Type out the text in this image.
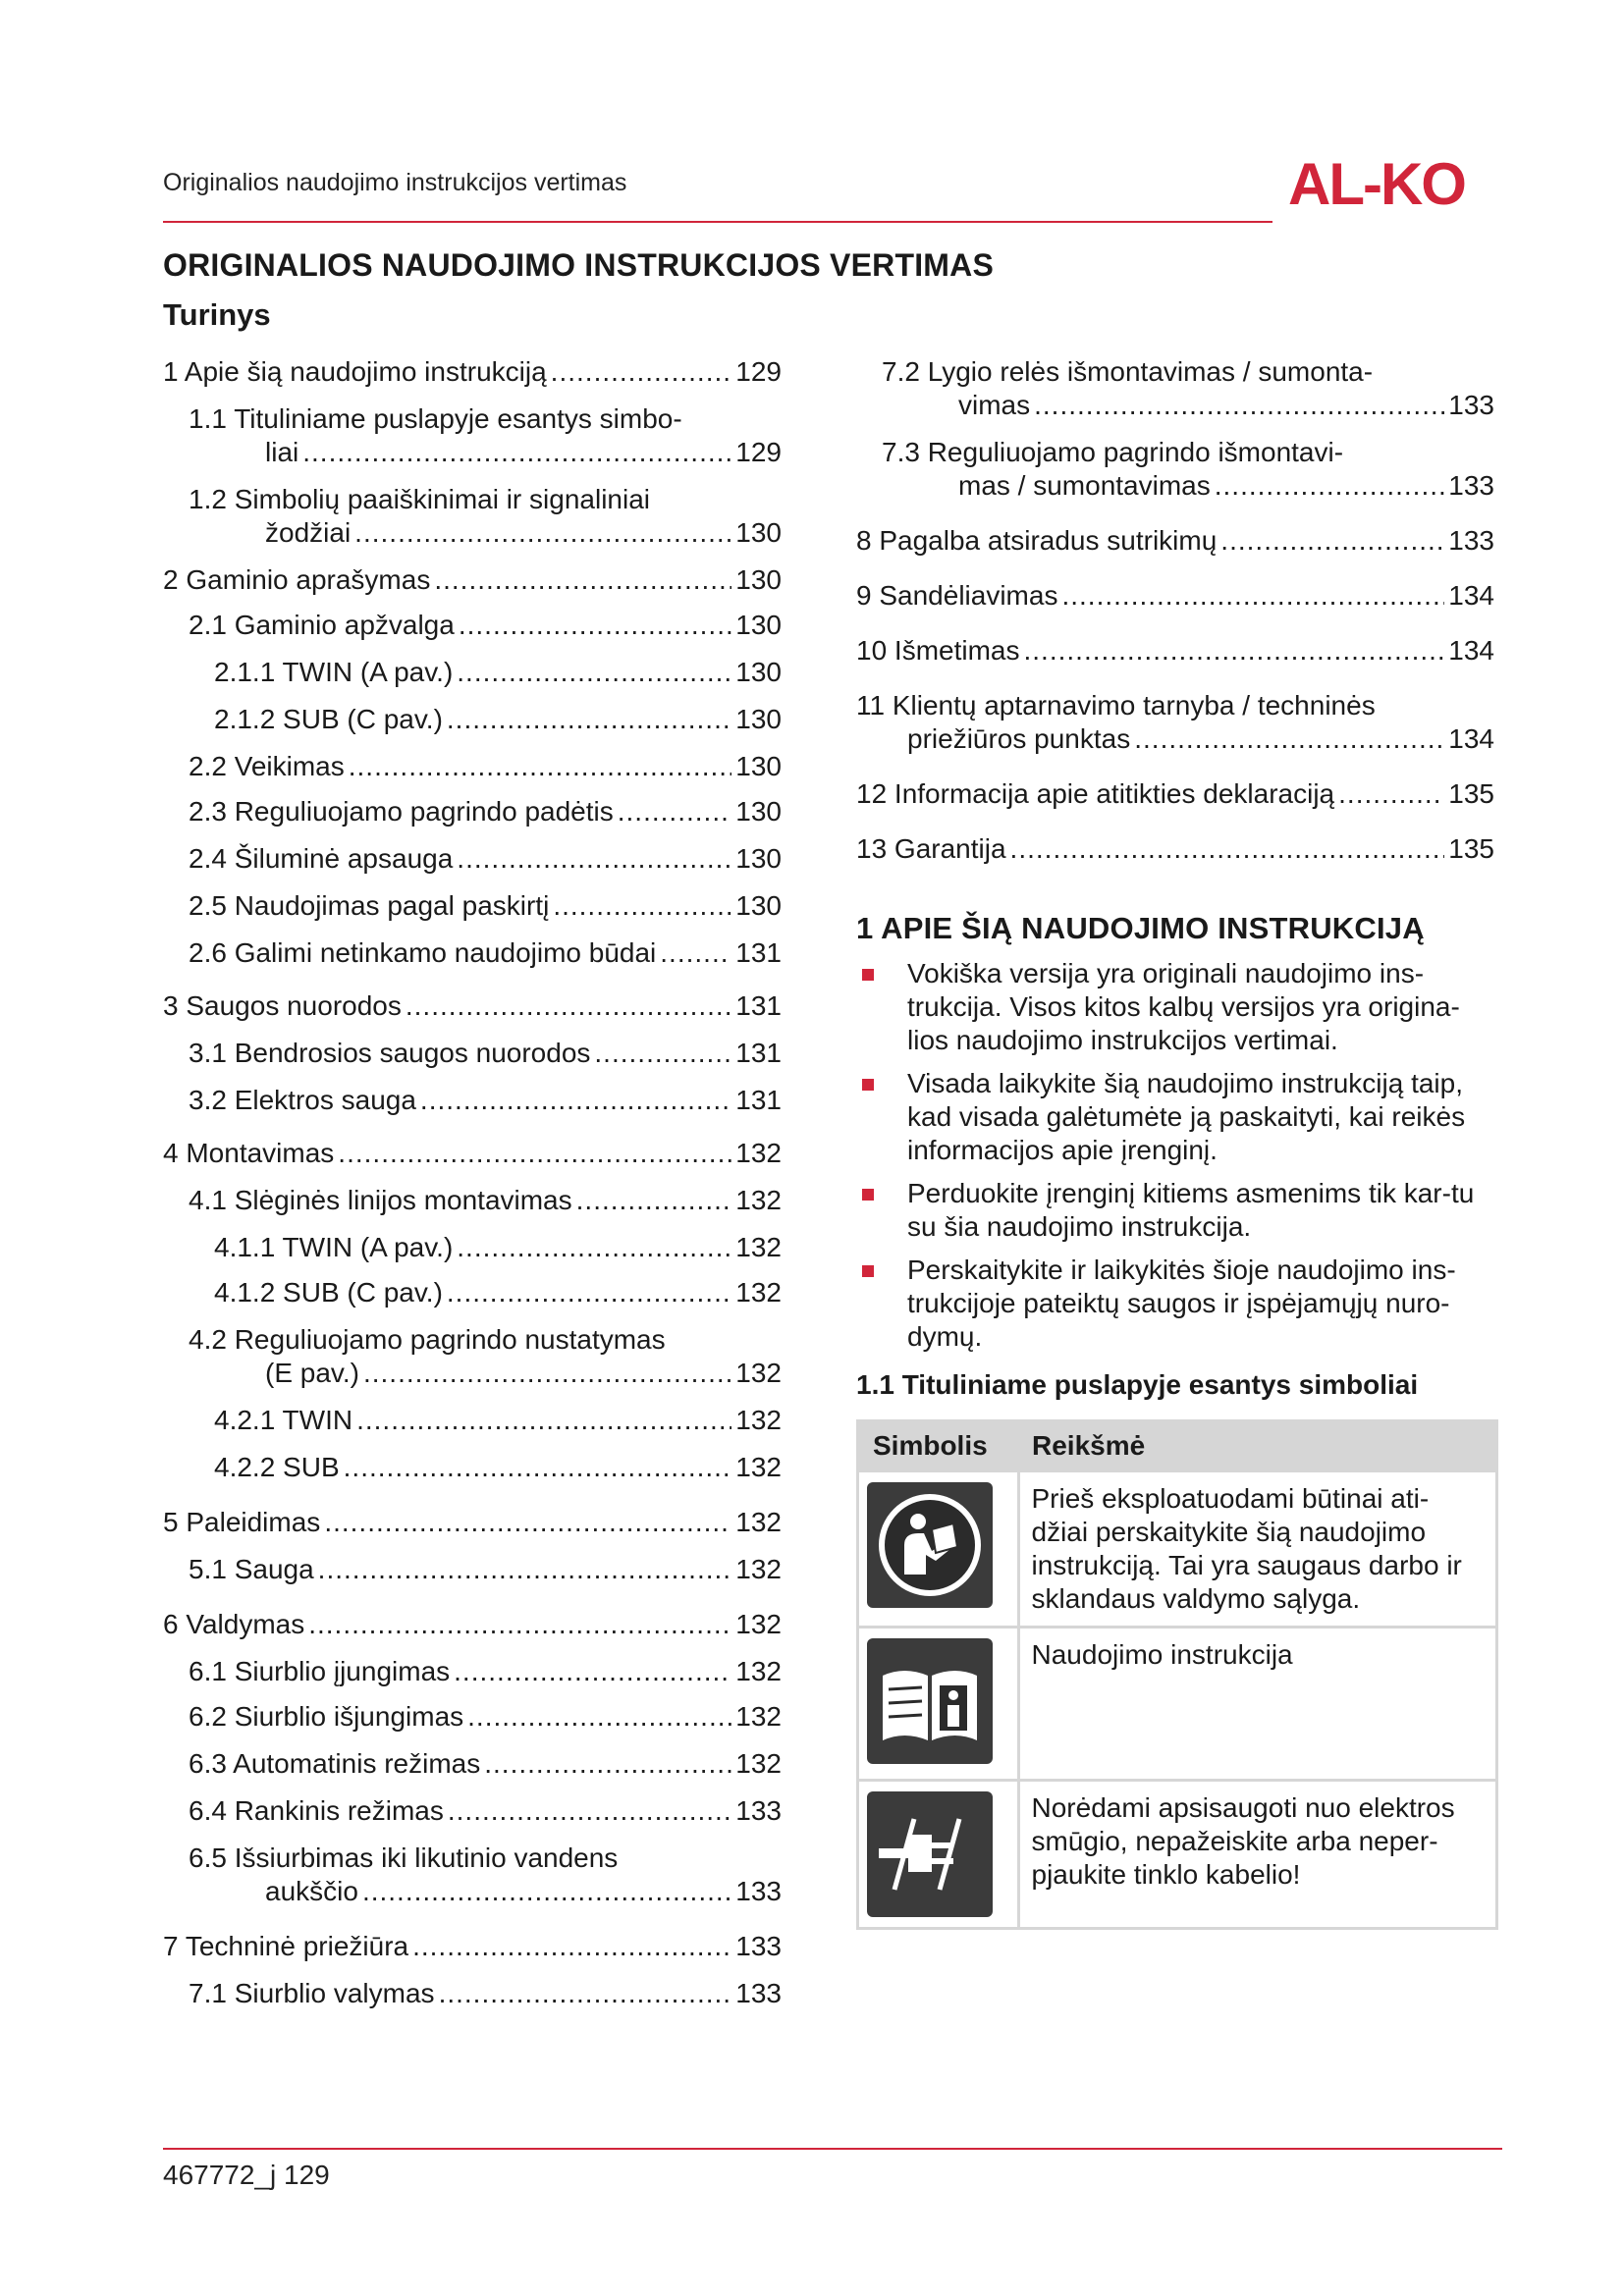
Originalios naudojimo instrukcijos vertimas	AL-KO
ORIGINALIOS NAUDOJIMO INSTRUKCIJOS VERTIMAS
Turinys
1 Apie šią naudojimo instrukciją .....	129
1.1 Tituliniame puslapyje esantys simbo-
liai .....	129
1.2 Simbolių paaiškinimai ir signaliniai
žodžiai .....	130
2 Gaminio aprašymas .....	130
2.1 Gaminio apžvalga .....	130
2.1.1 TWIN (A pav.) .....	130
2.1.2 SUB (C pav.) .....	130
2.2 Veikimas .....	130
2.3 Reguliuojamo pagrindo padėtis .....	130
2.4 Šiluminė apsauga .....	130
2.5 Naudojimas pagal paskirtį .....	130
2.6 Galimi netinkamo naudojimo būdai .....	131
3 Saugos nuorodos .....	131
3.1 Bendrosios saugos nuorodos .....	131
3.2 Elektros sauga .....	131
4 Montavimas .....	132
4.1 Slėginės linijos montavimas .....	132
4.1.1 TWIN (A pav.) .....	132
4.1.2 SUB (C pav.) .....	132
4.2 Reguliuojamo pagrindo nustatymas
(E pav.) .....	132
4.2.1 TWIN .....	132
4.2.2 SUB .....	132
5 Paleidimas .....	132
5.1 Sauga .....	132
6 Valdymas .....	132
6.1 Siurblio įjungimas .....	132
6.2 Siurblio išjungimas .....	132
6.3 Automatinis režimas .....	132
6.4 Rankinis režimas .....	133
6.5 Išsiurbimas iki likutinio vandens
aukščio .....	133
7 Techninė priežiūra .....	133
7.1 Siurblio valymas .....	133
7.2 Lygio relės išmontavimas / sumonta-
vimas .....	133
7.3 Reguliuojamo pagrindo išmontavi-
mas / sumontavimas .....	133
8 Pagalba atsiradus sutrikimų .....	133
9 Sandėliavimas .....	134
10 Išmetimas .....	134
11 Klientų aptarnavimo tarnyba / techninės
priežiūros punktas .....	134
12 Informacija apie atitikties deklaraciją .....	135
13 Garantija .....	135
1 APIE ŠIĄ NAUDOJIMO INSTRUKCIJĄ
Vokiška versija yra originali naudojimo ins-trukcija. Visos kitos kalbų versijos yra origina-lios naudojimo instrukcijos vertimai.
Visada laikykite šią naudojimo instrukciją taip, kad visada galėtumėte ją paskaityti, kai reikės informacijos apie įrenginį.
Perduokite įrenginį kitiems asmenims tik kar-tu su šia naudojimo instrukcija.
Perskaitykite ir laikykitės šioje naudojimo ins-trukcijoje pateiktų saugos ir įspėjamųjų nuro-dymų.
1.1 Tituliniame puslapyje esantys simboliai
Simbolis	Reikšmė

	Prieš eksploatuodami būtinai ati-džiai perskaitykite šią naudojimo instrukciją. Tai yra saugaus darbo ir sklandaus valdymo sąlyga.

	Naudojimo instrukcija

	Norėdami apsisaugoti nuo elektros smūgio, nepažeiskite arba neper-pjaukite tinklo kabelio!
467772_j 129
